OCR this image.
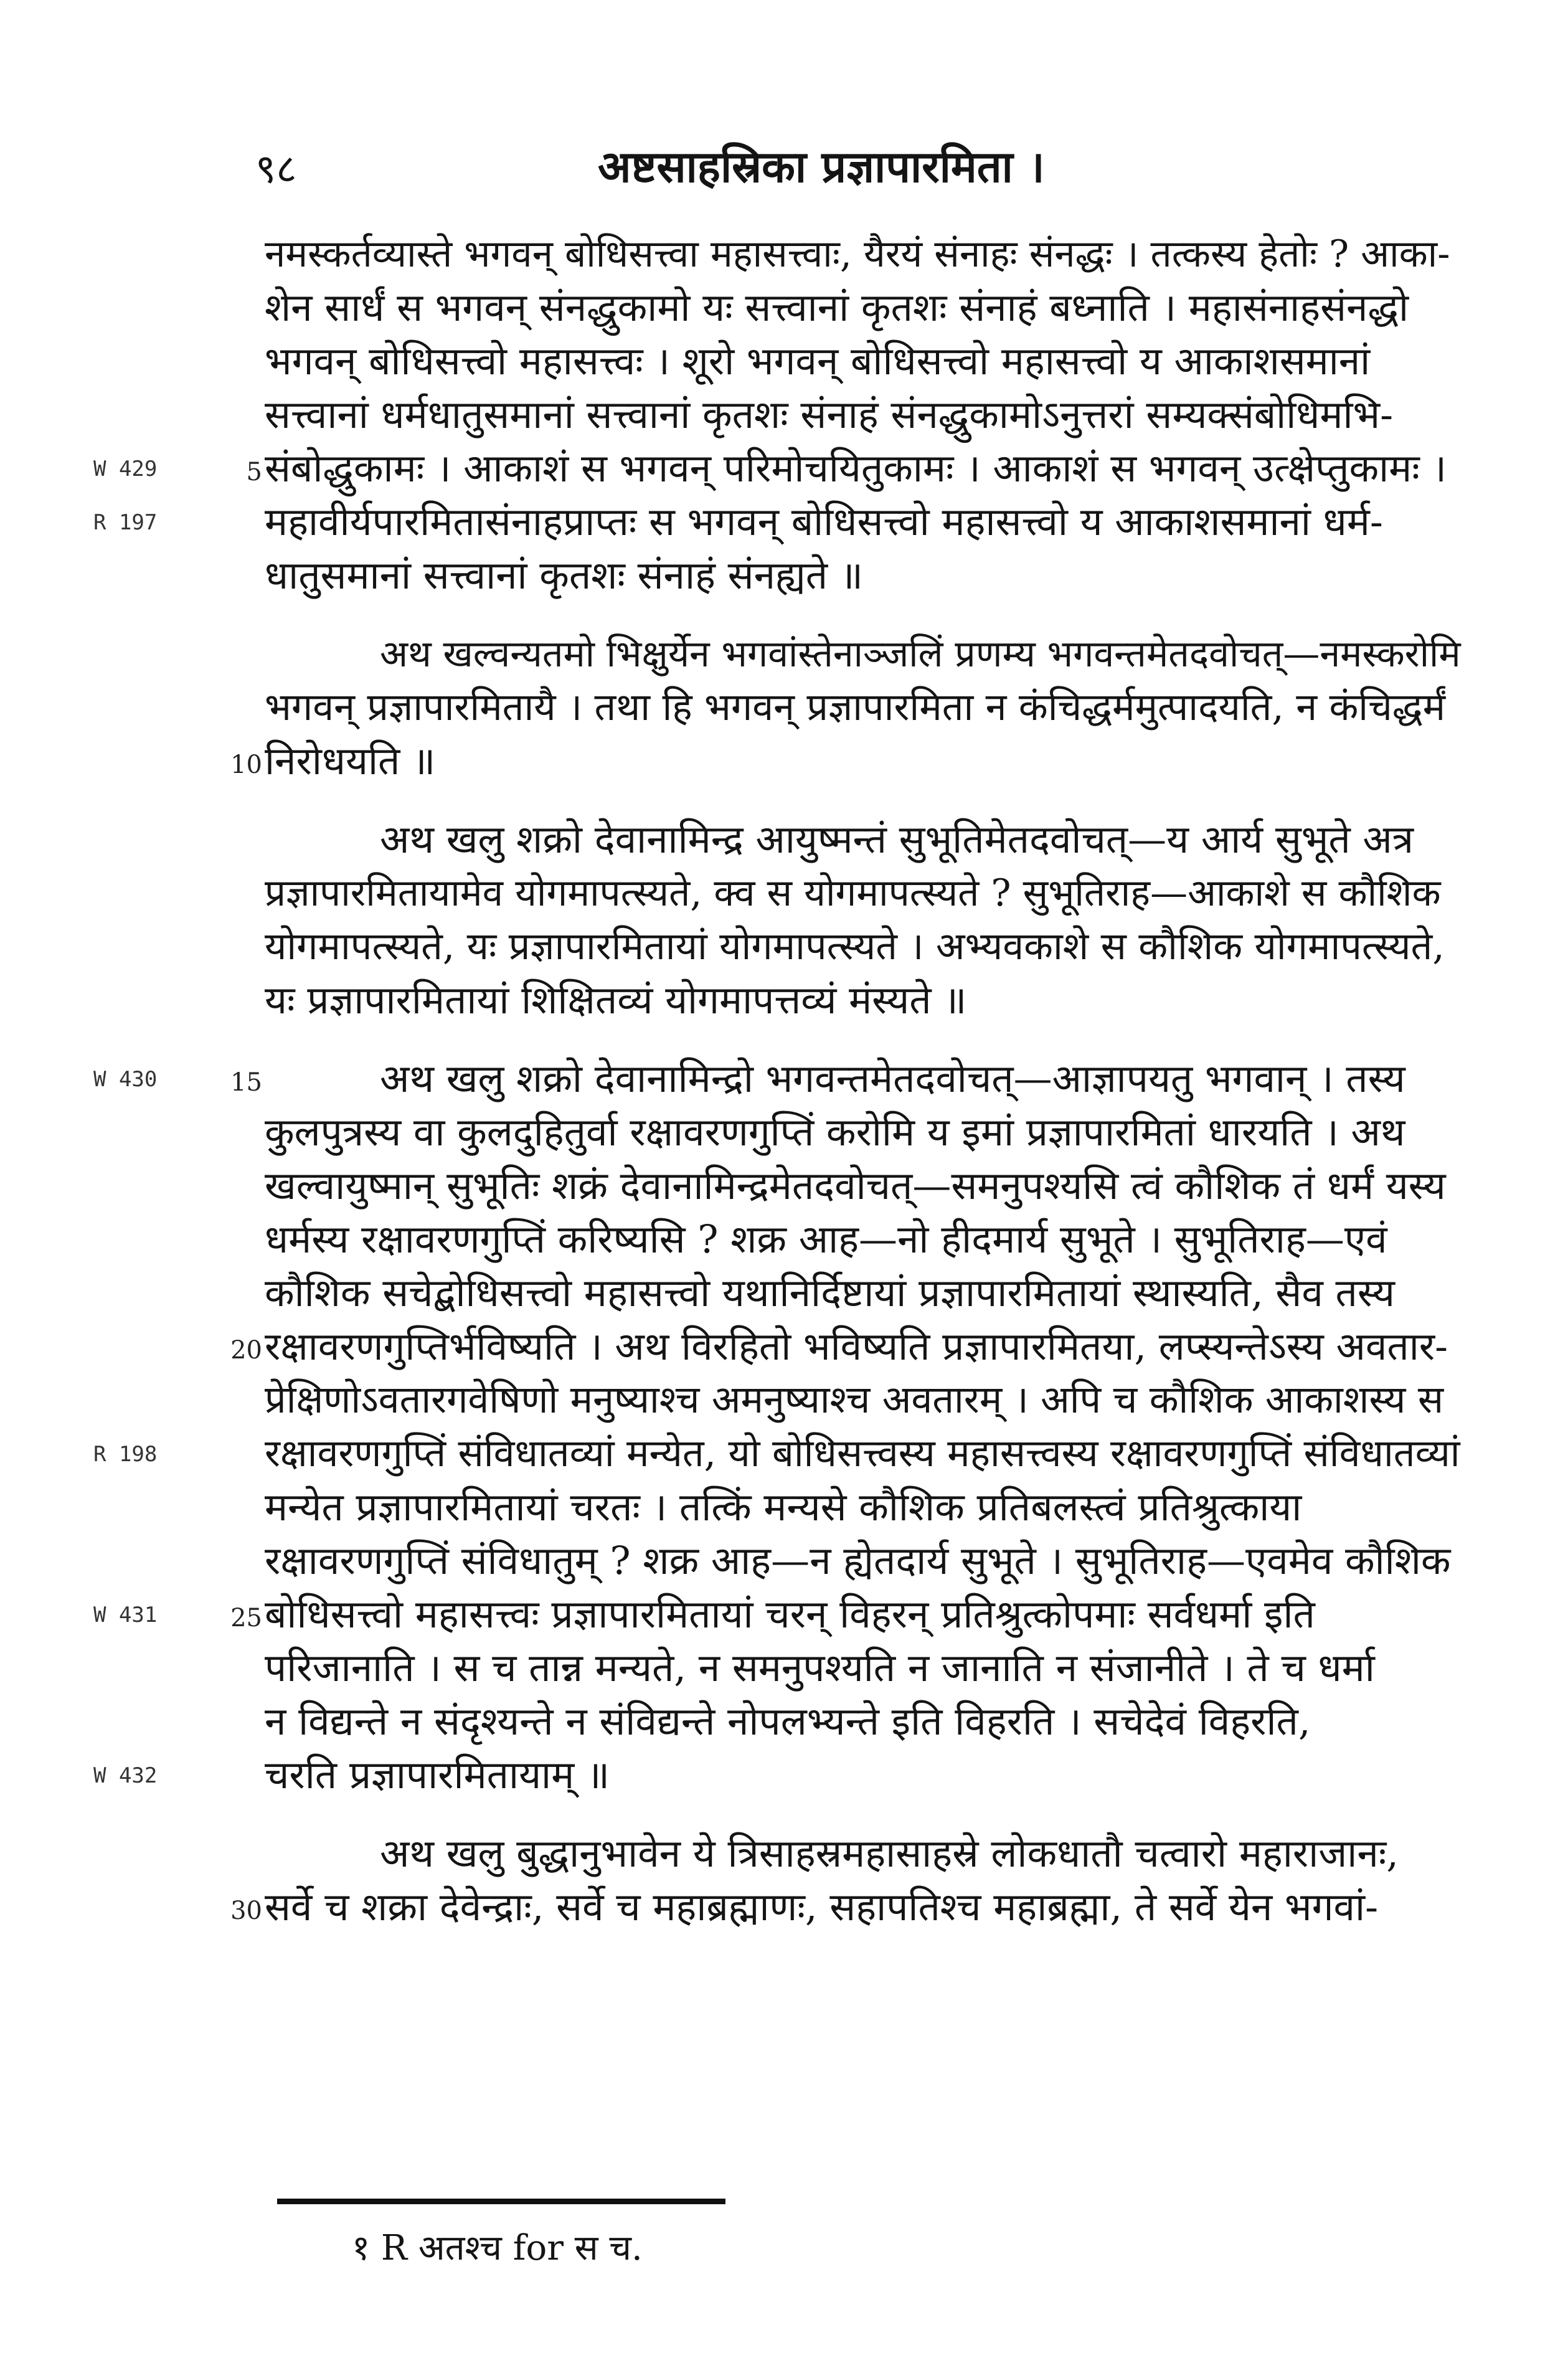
९८	अष्टसाहस्रिका प्रज्ञापारमिता ।
W 429
R 197
W 430
R 198
W 431
W 432
नमस्कर्तव्यास्ते भगवन् बोधिसत्त्वा महासत्त्वाः, यैरयं संनाहः संनद्धः । तत्कस्य हेतोः ? आका-
शेन सार्धं स भगवन् संनद्धुकामो यः सत्त्वानां कृतशः संनाहं बध्नाति । महासंनाहसंनद्धो
भगवन् बोधिसत्त्वो महासत्त्वः । शूरो भगवन् बोधिसत्त्वो महासत्त्वो य आकाशसमानां
सत्त्वानां धर्मधातुसमानां सत्त्वानां कृतशः संनाहं संनद्धुकामोऽनुत्तरां सम्यक्संबोधिमभि-
5 संबोद्धुकामः । आकाशं स भगवन् परिमोचयितुकामः । आकाशं स भगवन् उत्क्षेप्तुकामः ।
महावीर्यपारमितासंनाहप्राप्तः स भगवन् बोधिसत्त्वो महासत्त्वो य आकाशसमानां धर्म-
धातुसमानां सत्त्वानां कृतशः संनाहं संनह्यते ॥
अथ खल्वन्यतमो भिक्षुर्येन भगवांस्तेनाञ्जलिं प्रणम्य भगवन्तमेतदवोचत्—नमस्करोमि
भगवन् प्रज्ञापारमितायै । तथा हि भगवन् प्रज्ञापारमिता न कंचिद्धर्ममुत्पादयति, न कंचिद्धर्मं
10 निरोधयति ॥
अथ खलु शक्रो देवानामिन्द्र आयुष्मन्तं सुभूतिमेतदवोचत्—य आर्य सुभूते अत्र
प्रज्ञापारमितायामेव योगमापत्स्यते, क्व स योगमापत्स्यते ? सुभूतिराह—आकाशे स कौशिक
योगमापत्स्यते, यः प्रज्ञापारमितायां योगमापत्स्यते । अभ्यवकाशे स कौशिक योगमापत्स्यते,
यः प्रज्ञापारमितायां शिक्षितव्यं योगमापत्तव्यं मंस्यते ॥
15	अथ खलु शक्रो देवानामिन्द्रो भगवन्तमेतदवोचत्—आज्ञापयतु भगवान् । तस्य
कुलपुत्रस्य वा कुलदुहितुर्वा रक्षावरणगुप्तिं करोमि य इमां प्रज्ञापारमितां धारयति । अथ
खल्वायुष्मान् सुभूतिः शक्रं देवानामिन्द्रमेतदवोचत्—समनुपश्यसि त्वं कौशिक तं धर्मं यस्य
धर्मस्य रक्षावरणगुप्तिं करिष्यसि ? शक्र आह—नो हीदमार्य सुभूते । सुभूतिराह—एवं
कौशिक सचेद्बोधिसत्त्वो महासत्त्वो यथानिर्दिष्टायां प्रज्ञापारमितायां स्थास्यति, सैव तस्य
20 रक्षावरणगुप्तिर्भविष्यति । अथ विरहितो भविष्यति प्रज्ञापारमितया, लप्स्यन्तेऽस्य अवतार-
प्रेक्षिणोऽवतारगवेषिणो मनुष्याश्च अमनुष्याश्च अवतारम् । अपि च कौशिक आकाशस्य स
रक्षावरणगुप्तिं संविधातव्यां मन्येत, यो बोधिसत्त्वस्य महासत्त्वस्य रक्षावरणगुप्तिं संविधातव्यां
मन्येत प्रज्ञापारमितायां चरतः । तत्किं मन्यसे कौशिक प्रतिबलस्त्वं प्रतिश्रुत्काया
रक्षावरणगुप्तिं संविधातुम् ? शक्र आह—न ह्येतदार्य सुभूते । सुभूतिराह—एवमेव कौशिक
25 बोधिसत्त्वो महासत्त्वः प्रज्ञापारमितायां चरन् विहरन् प्रतिश्रुत्कोपमाः सर्वधर्मा इति
परिजानाति । स च तान्न मन्यते, न समनुपश्यति न जानाति न संजानीते । ते च धर्मा
न विद्यन्ते न संदृश्यन्ते न संविद्यन्ते नोपलभ्यन्ते इति विहरति । सचेदेवं विहरति,
चरति प्रज्ञापारमितायाम् ॥
अथ खलु बुद्धानुभावेन ये त्रिसाहस्रमहासाहस्रे लोकधातौ चत्वारो महाराजानः,
30 सर्वे च शक्रा देवेन्द्राः, सर्वे च महाब्रह्माणः, सहापतिश्च महाब्रह्मा, ते सर्वे येन भगवां-
१ R अतश्च for स च.
